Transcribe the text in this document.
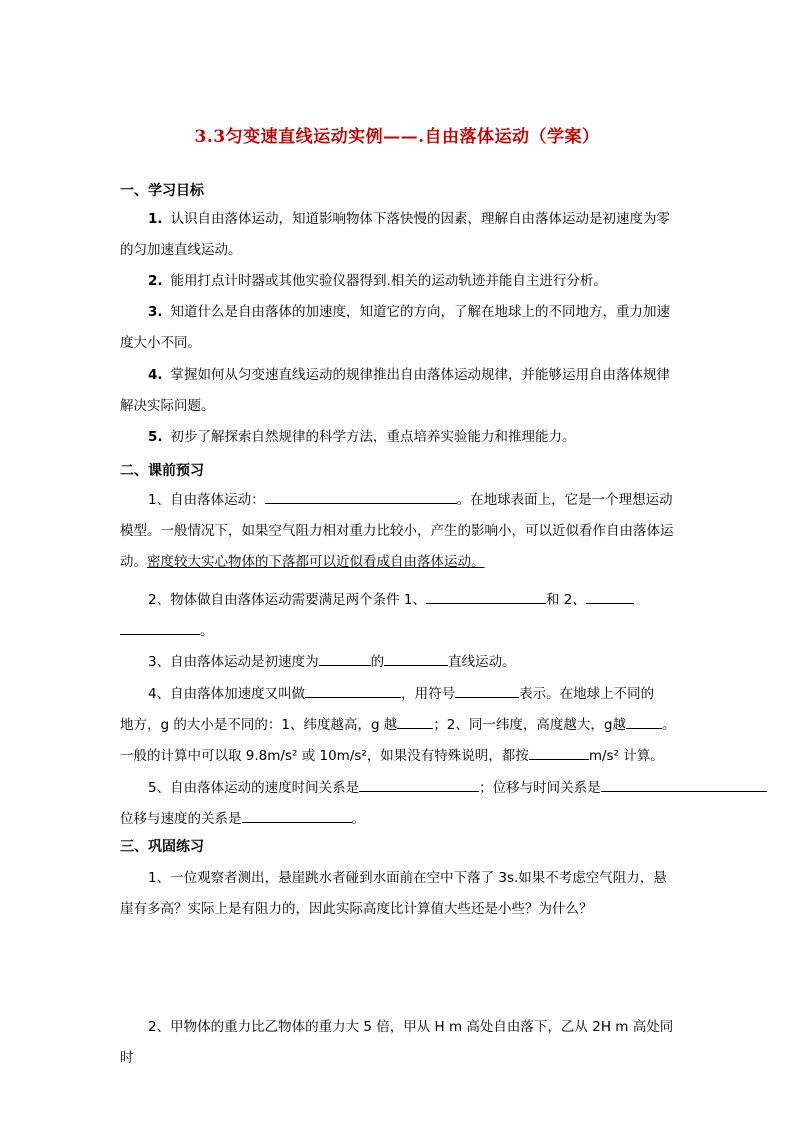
3.3匀变速直线运动实例——.自由落体运动（学案）
一、学习目标
1. 认识自由落体运动，知道影响物体下落快慢的因素，理解自由落体运动是初速度为零的匀加速直线运动。
2. 能用打点计时器或其他实验仪器得到.相关的运动轨迹并能自主进行分析。
3. 知道什么是自由落体的加速度，知道它的方向，了解在地球上的不同地方，重力加速度大小不同。
4. 掌握如何从匀变速直线运动的规律推出自由落体运动规律，并能够运用自由落体规律解决实际问题。
5. 初步了解探索自然规律的科学方法，重点培养实验能力和推理能力。
二、课前预习
1、自由落体运动：	。在地球表面上，它是一个理想运动模型。一般情况下，如果空气阻力相对重力比较小，产生的影响小，可以近似看作自由落体运动。密度较大实心物体的下落都可以近似看成自由落体运动。
2、物体做自由落体运动需要满足两个条件 1、	和 2、
。
3、自由落体运动是初速度为	的	直线运动。
4、自由落体加速度又叫做	，用符号	表示。在地球上不同的
地方，g 的大小是不同的：1、纬度越高，g 越	；2、同一纬度，高度越大，g越	。
一般的计算中可以取 9.8m/s² 或 10m/s²，如果没有特殊说明，都按	m/s² 计算。
5、自由落体运动的速度时间关系是	；位移与时间关系是
位移与速度的关系是	。
三、巩固练习
1、一位观察者测出，悬崖跳水者碰到水面前在空中下落了 3s.如果不考虑空气阻力，悬崖有多高？实际上是有阻力的，因此实际高度比计算值大些还是小些？为什么？
2、甲物体的重力比乙物体的重力大 5 倍，甲从 H m 高处自由落下，乙从 2H m 高处同时
